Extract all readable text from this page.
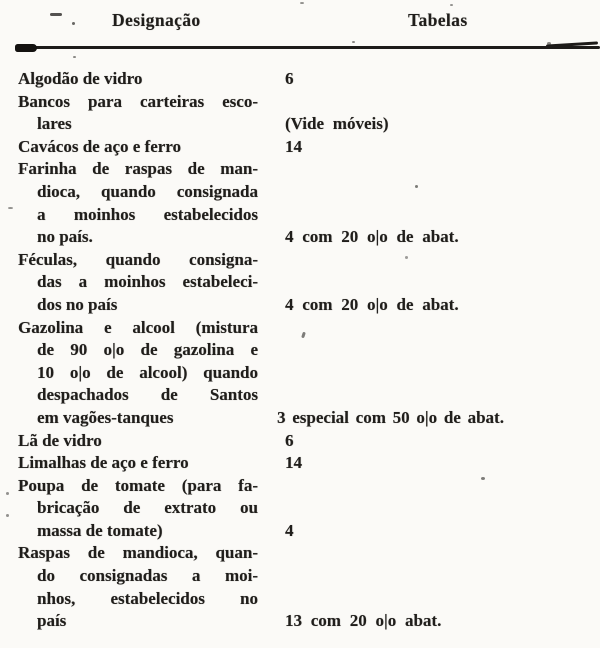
Designação	Tabelas
Algodão de vidro	6
Bancos para carteiras esco-
lares	(Vide móveis)
Cavácos de aço e ferro	14
Farinha de raspas de man-
dioca, quando consignada
a moinhos estabelecidos
no país.	4 com 20 o|o de abat.
Féculas, quando consigna-
das a moinhos estabeleci-
dos no país	4 com 20 o|o de abat.
Gazolina e alcool (mistura
de 90 o|o de gazolina e
10 o|o de alcool) quando
despachados de Santos
em vagões-tanques	3 especial com 50 o|o de abat.
Lã de vidro	6
Limalhas de aço e ferro	14
Poupa de tomate (para fa-
bricação de extrato ou
massa de tomate)	4
Raspas de mandioca, quan-
do consignadas a moi-
nhos, estabelecidos no
país	13 com 20 o|o abat.
